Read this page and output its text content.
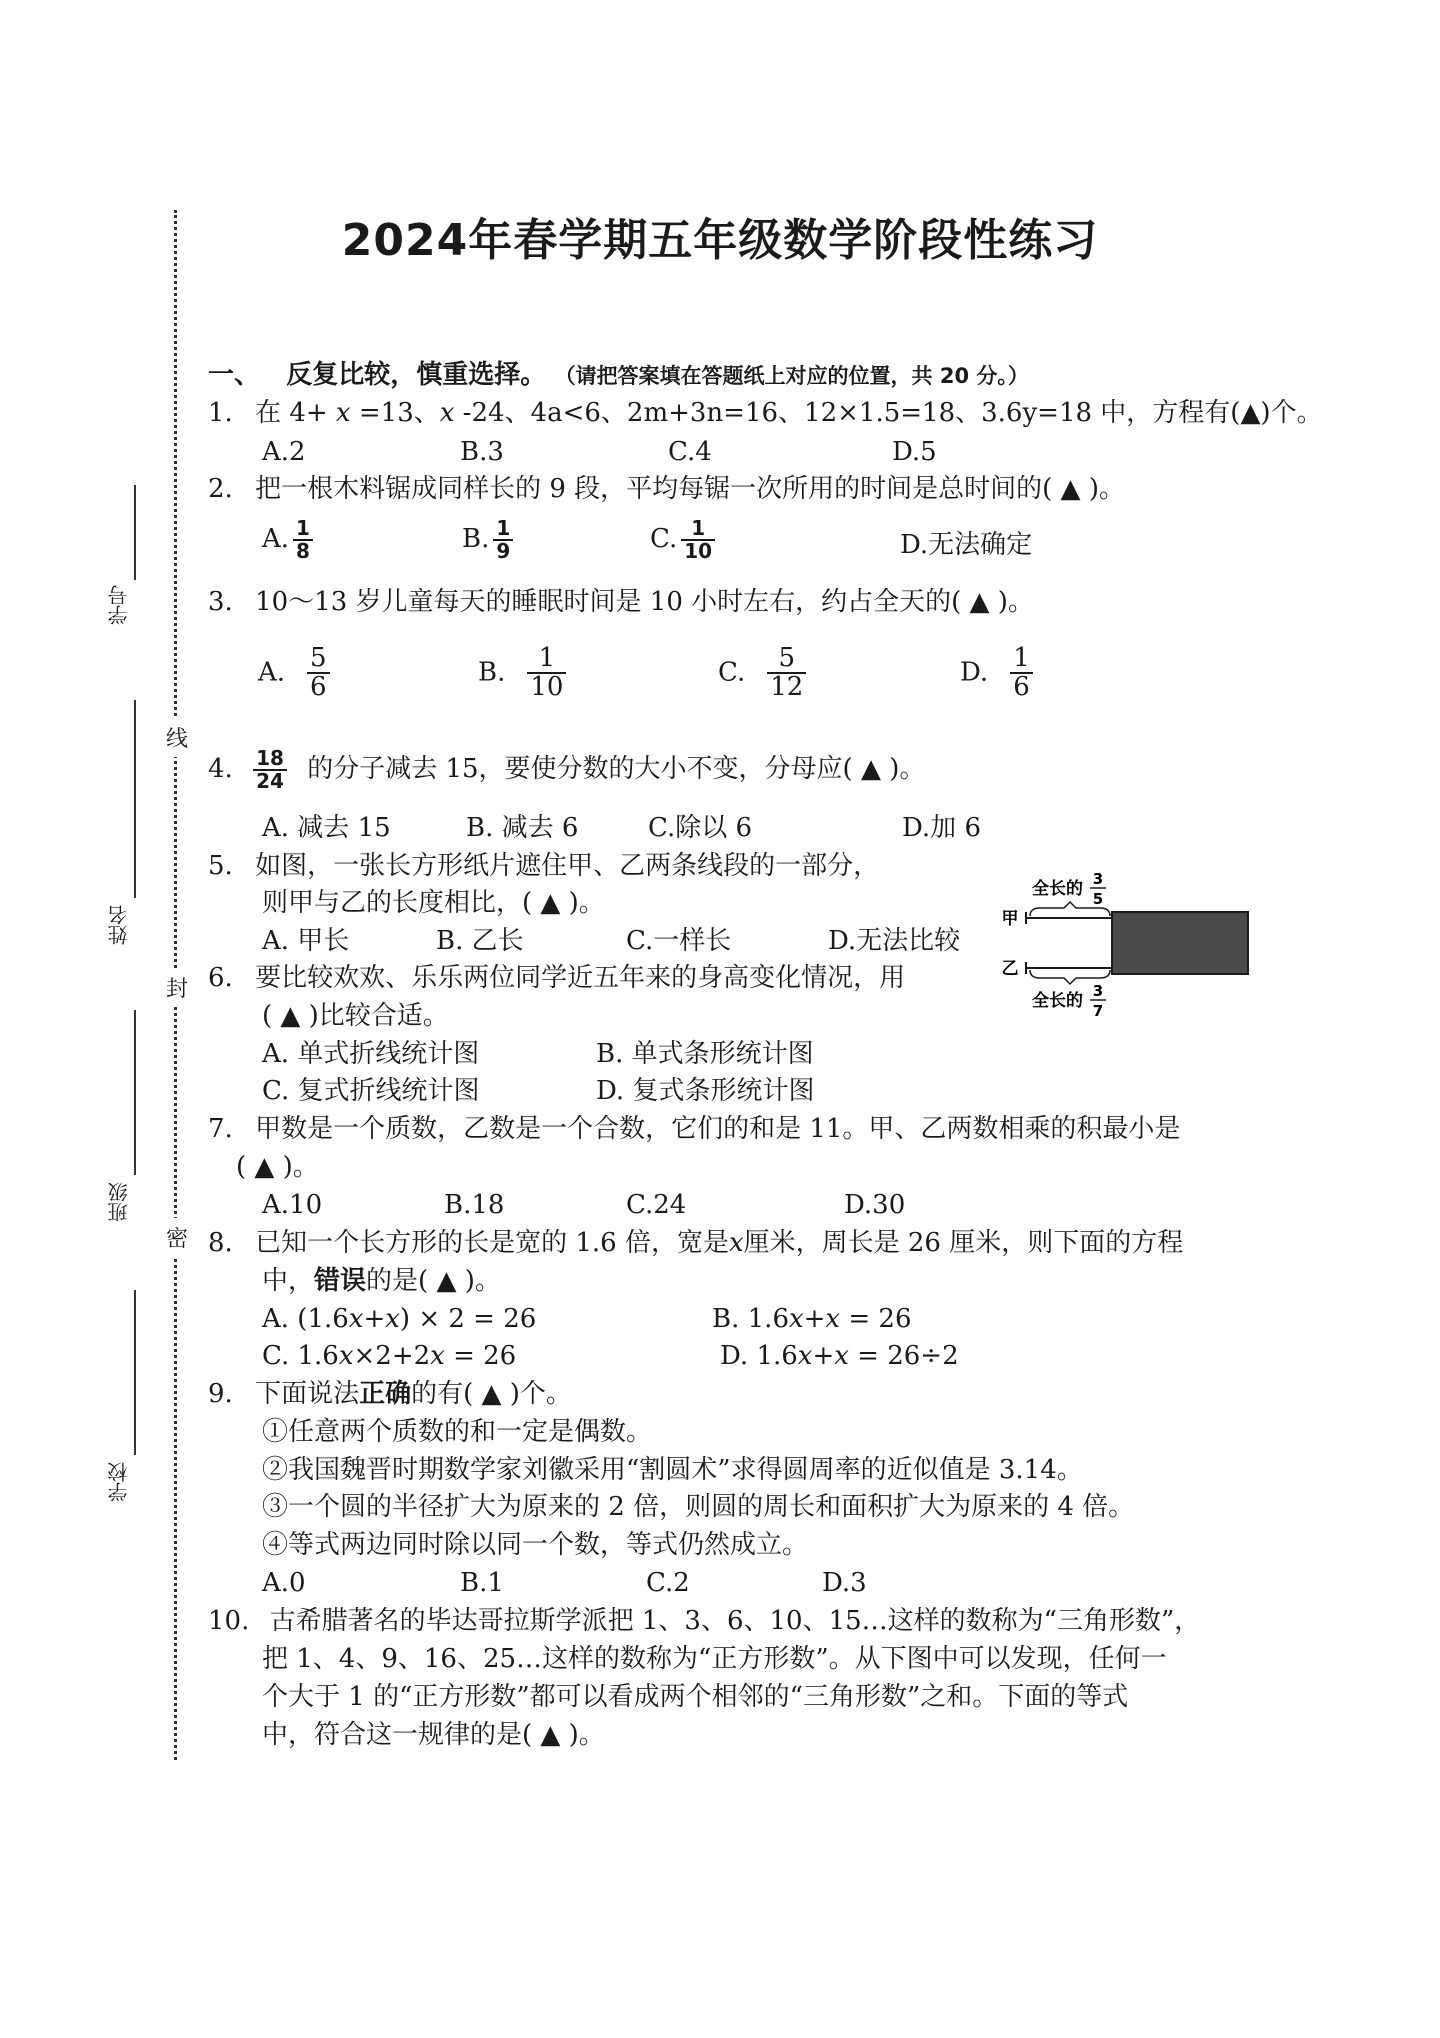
线
封
密
学号
姓名
班级
学校
2024年春学期五年级数学阶段性练习
一、 反复比较，慎重选择。 （请把答案填在答题纸上对应的位置，共 20 分。）
1. 在 4+ 𝑥 =13、𝑥 -24、4a<6、2m+3n=16、12×1.5=18、3.6y=18 中，方程有(▲)个。
A.2	B.3	C.4	D.5
2. 把一根木料锯成同样长的 9 段，平均每锯一次所用的时间是总时间的( ▲ )。
A. $\frac{1}{8}$	B. $\frac{1}{9}$	C. $\frac{1}{10}$	D.无法确定
3. 10～13 岁儿童每天的睡眠时间是 10 小时左右，约占全天的( ▲ )。
A. $\frac{5}{6}$	B. $\frac{1}{10}$	C. $\frac{5}{12}$	D. $\frac{1}{6}$
4. $\frac{18}{24}$ 的分子减去 15，要使分数的大小不变，分母应( ▲ )。
A. 减去 15	B. 减去 6	C.除以 6	D.加 6
5. 如图，一张长方形纸片遮住甲、乙两条线段的一部分，
则甲与乙的长度相比，( ▲ )。
A. 甲长	B. 乙长	C.一样长	D.无法比较
全长的 3
5
甲
乙
全长的 3
7
6. 要比较欢欢、乐乐两位同学近五年来的身高变化情况，用
( ▲ )比较合适。
A. 单式折线统计图	B. 单式条形统计图
C. 复式折线统计图	D. 复式条形统计图
7. 甲数是一个质数，乙数是一个合数，它们的和是 11。甲、乙两数相乘的积最小是
( ▲ )。
A.10	B.18	C.24	D.30
8. 已知一个长方形的长是宽的 1.6 倍，宽是𝑥厘米，周长是 26 厘米，则下面的方程
中，错误的是( ▲ )。
A. (1.6𝑥+𝑥) × 2 = 26	B. 1.6𝑥+𝑥 = 26
C. 1.6𝑥×2+2𝑥 = 26	D. 1.6𝑥+𝑥 = 26÷2
9. 下面说法正确的有( ▲ )个。
①任意两个质数的和一定是偶数。
②我国魏晋时期数学家刘徽采用“割圆术”求得圆周率的近似值是 3.14。
③一个圆的半径扩大为原来的 2 倍，则圆的周长和面积扩大为原来的 4 倍。
④等式两边同时除以同一个数，等式仍然成立。
A.0	B.1	C.2	D.3
10. 古希腊著名的毕达哥拉斯学派把 1、3、6、10、15…这样的数称为“三角形数”，
把 1、4、9、16、25…这样的数称为“正方形数”。从下图中可以发现，任何一
个大于 1 的“正方形数”都可以看成两个相邻的“三角形数”之和。下面的等式
中，符合这一规律的是( ▲ )。
